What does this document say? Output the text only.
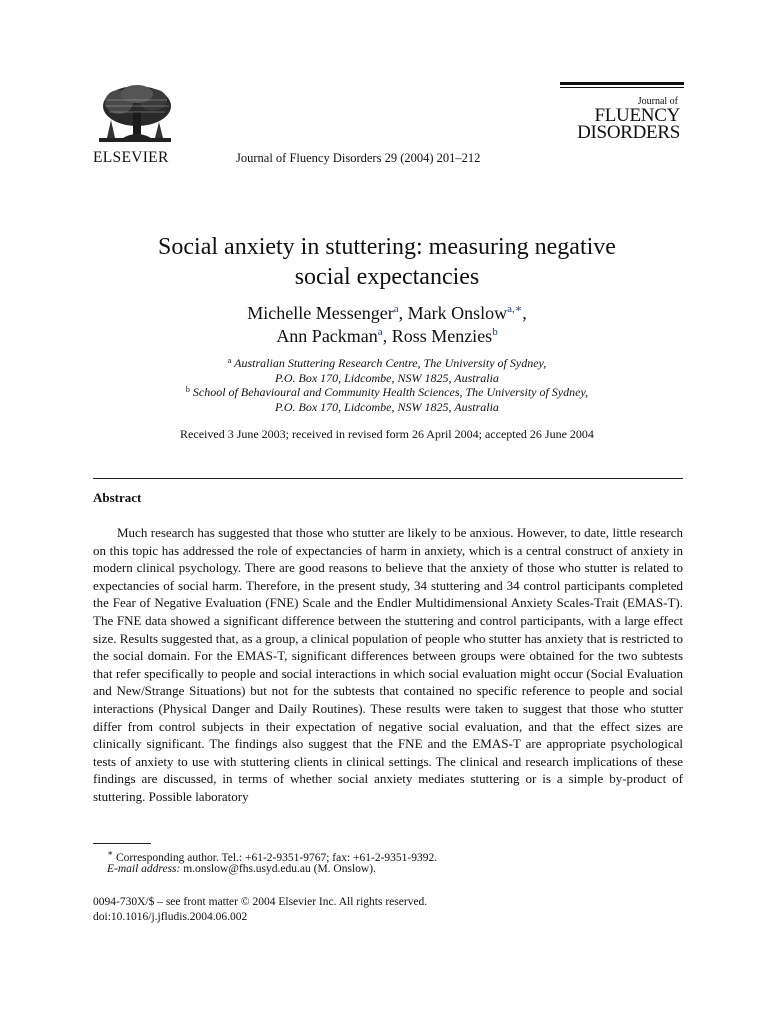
ELSEVIER	Journal of Fluency Disorders 29 (2004) 201–212
Journal of
FLUENCY
DISORDERS
Social anxiety in stuttering: measuring negative
social expectancies
Michelle Messenger$^a$, Mark Onslow$^{a,∗}$,
Ann Packman$^a$, Ross Menzies$^b$
$^a$ Australian Stuttering Research Centre, The University of Sydney,
P.O. Box 170, Lidcombe, NSW 1825, Australia
$^b$ School of Behavioural and Community Health Sciences, The University of Sydney,
P.O. Box 170, Lidcombe, NSW 1825, Australia
Received 3 June 2003; received in revised form 26 April 2004; accepted 26 June 2004
Abstract
Much research has suggested that those who stutter are likely to be anxious. However, to date, little research on this topic has addressed the role of expectancies of harm in anxiety, which is a central construct of anxiety in modern clinical psychology. There are good reasons to believe that the anxiety of those who stutter is related to expectancies of social harm. Therefore, in the present study, 34 stuttering and 34 control participants completed the Fear of Negative Evaluation (FNE) Scale and the Endler Multidimensional Anxiety Scales-Trait (EMAS-T). The FNE data showed a significant difference between the stuttering and control participants, with a large effect size. Results suggested that, as a group, a clinical population of people who stutter has anxiety that is restricted to the social domain. For the EMAS-T, significant differences between groups were obtained for the two subtests that refer specifically to people and social interactions in which social evaluation might occur (Social Evaluation and New/Strange Situations) but not for the subtests that contained no specific reference to people and social interactions (Physical Danger and Daily Routines). These results were taken to suggest that those who stutter differ from control subjects in their expectation of negative social evaluation, and that the effect sizes are clinically significant. The findings also suggest that the FNE and the EMAS-T are appropriate psychological tests of anxiety to use with stuttering clients in clinical settings. The clinical and research implications of these findings are discussed, in terms of whether social anxiety mediates stuttering or is a simple by-product of stuttering. Possible laboratory
∗ Corresponding author. Tel.: +61-2-9351-9767; fax: +61-2-9351-9392.
E-mail address: m.onslow@fhs.usyd.edu.au (M. Onslow).
0094-730X/$ – see front matter © 2004 Elsevier Inc. All rights reserved.
doi:10.1016/j.jfludis.2004.06.002
